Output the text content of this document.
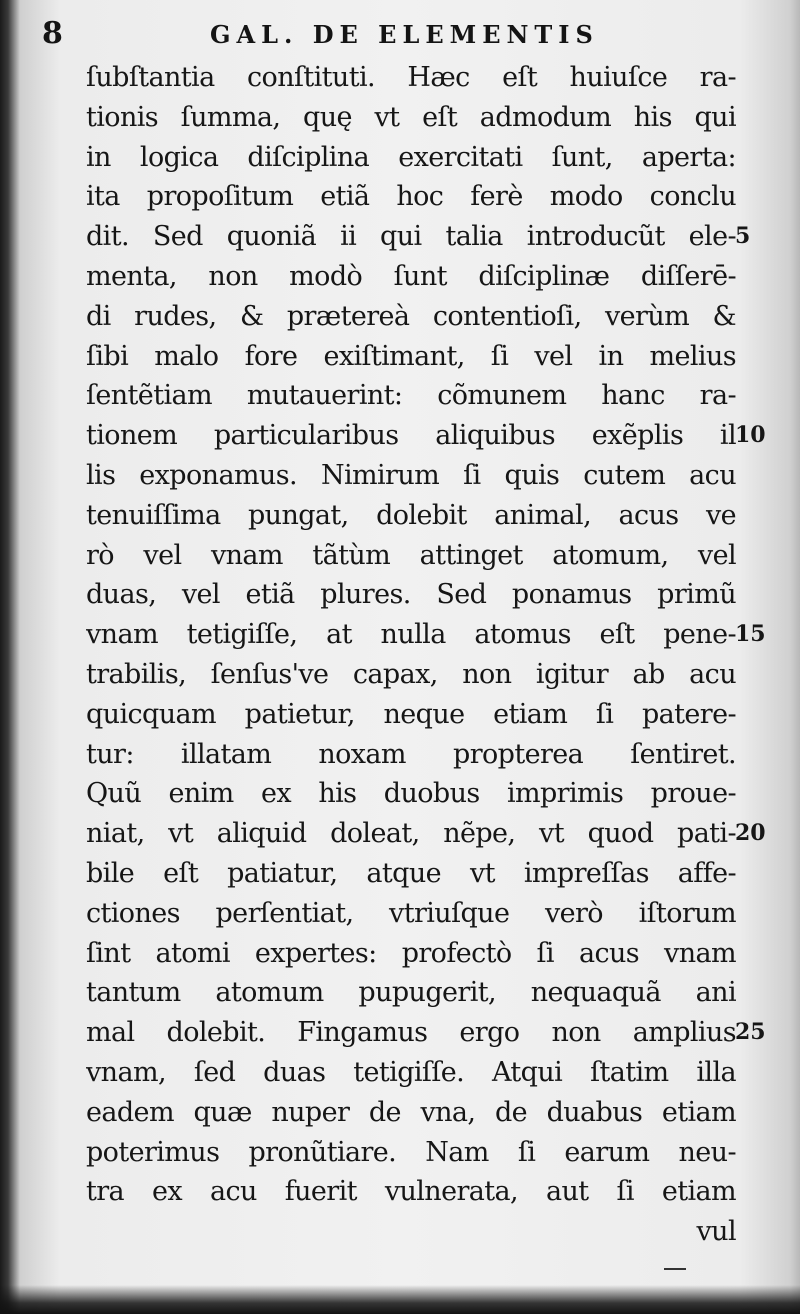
8	GAL. DE ELEMENTIS
ſubſtantia conſtituti. Hæc eſt huiuſce ra-
tionis ſumma, quę vt eſt admodum his qui
in logica diſciplina exercitati ſunt, aperta:
ita propoſitum etiã hoc ferè modo conclu
dit. Sed quoniã ii qui talia introducũt ele-
menta, non modò ſunt diſciplinæ diſſerē-
di rudes, & prætereà contentioſi, verùm &
ſibi malo fore exiſtimant, ſi vel in melius
ſentẽtiam mutauerint: cõmunem hanc ra-
tionem particularibus aliquibus exẽplis il
lis exponamus. Nimirum ſi quis cutem acu
tenuiſſima pungat, dolebit animal, acus ve
rò vel vnam tãtùm attinget atomum, vel
duas, vel etiã plures. Sed ponamus primũ
vnam tetigiſſe, at nulla atomus eſt pene-
trabilis, ſenſus've capax, non igitur ab acu
quicquam patietur, neque etiam ſi patere-
tur: illatam noxam propterea ſentiret.
Quũ enim ex his duobus imprimis proue-
niat, vt aliquid doleat, nẽpe, vt quod pati-
bile eſt patiatur, atque vt impreſſas affe-
ctiones perſentiat, vtriuſque verò iſtorum
ſint atomi expertes: profectò ſi acus vnam
tantum atomum pupugerit, nequaquã ani
mal dolebit. Fingamus ergo non amplius
vnam, ſed duas tetigiſſe. Atqui ſtatim illa
eadem quæ nuper de vna, de duabus etiam
poterimus pronũtiare. Nam ſi earum neu-
tra ex acu fuerit vulnerata, aut ſi etiam
vul
5
10
15
20
25
